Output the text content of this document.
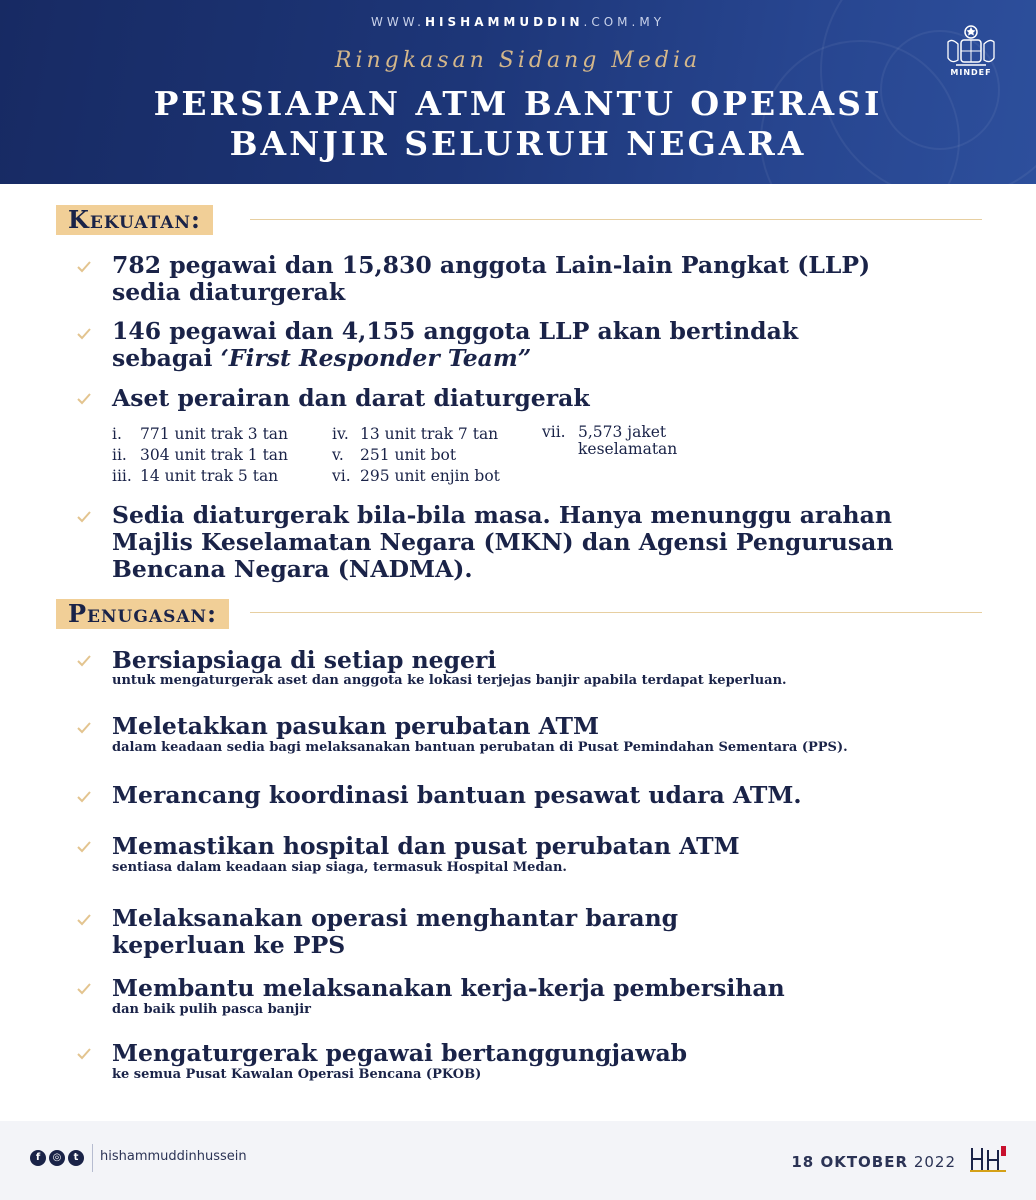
WWW.HISHAMMUDDIN.COM.MY
Ringkasan Sidang Media
PERSIAPAN ATM BANTU OPERASI
BANJIR SELURUH NEGARA
MINDEF
Kekuatan:
782 pegawai dan 15,830 anggota Lain-lain Pangkat (LLP)
sedia diaturgerak
146 pegawai dan 4,155 anggota LLP akan bertindak
sebagai ‘First Responder Team”
Aset perairan dan darat diaturgerak
i. 771 unit trak 3 tan
ii. 304 unit trak 1 tan
iii. 14 unit trak 5 tan
iv. 13 unit trak 7 tan
v. 251 unit bot
vi. 295 unit enjin bot
vii. 5,573 jaket
keselamatan
Sedia diaturgerak bila-bila masa. Hanya menunggu arahan
Majlis Keselamatan Negara (MKN) dan Agensi Pengurusan
Bencana Negara (NADMA).
Penugasan:
Bersiapsiaga di setiap negeri
untuk mengaturgerak aset dan anggota ke lokasi terjejas banjir apabila terdapat keperluan.
Meletakkan pasukan perubatan ATM
dalam keadaan sedia bagi melaksanakan bantuan perubatan di Pusat Pemindahan Sementara (PPS).
Merancang koordinasi bantuan pesawat udara ATM.
Memastikan hospital dan pusat perubatan ATM
sentiasa dalam keadaan siap siaga, termasuk Hospital Medan.
Melaksanakan operasi menghantar barang
keperluan ke PPS
Membantu melaksanakan kerja-kerja pembersihan
dan baik pulih pasca banjir
Mengaturgerak pegawai bertanggungjawab
ke semua Pusat Kawalan Operasi Bencana (PKOB)
f	◎	t	hishammuddinhussein	18 OKTOBER 2022
